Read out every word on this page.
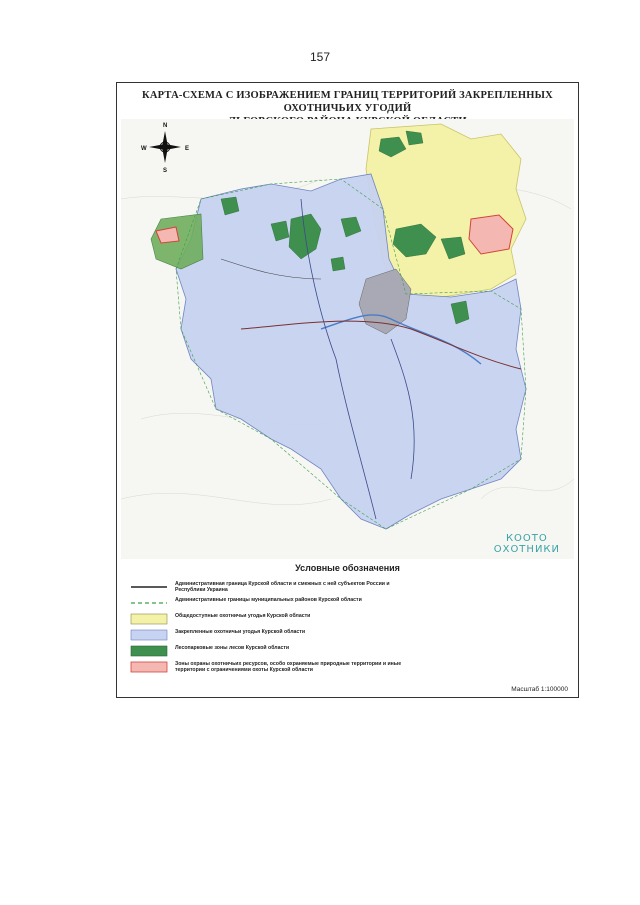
157
КАРТА-СХЕМА С ИЗОБРАЖЕНИЕМ ГРАНИЦ ТЕРРИТОРИЙ ЗАКРЕПЛЕННЫХ ОХОТНИЧЬИХ УГОДИЙ
N
S
W	E
КООТО
ОХОТНИКИ
Условные обозначения
Административная граница Курской области и смежных с ней субъектов России и Республики Украина
Административные границы муниципальных районов Курской области
Общедоступные охотничьи угодья Курской области
Закрепленные охотничьи угодья Курской области
Лесопарковые зоны лесов Курской области
Зоны охраны охотничьих ресурсов, особо охраняемые природные территории и иные территории с ограничениями охоты Курской области
Масштаб 1:100000
